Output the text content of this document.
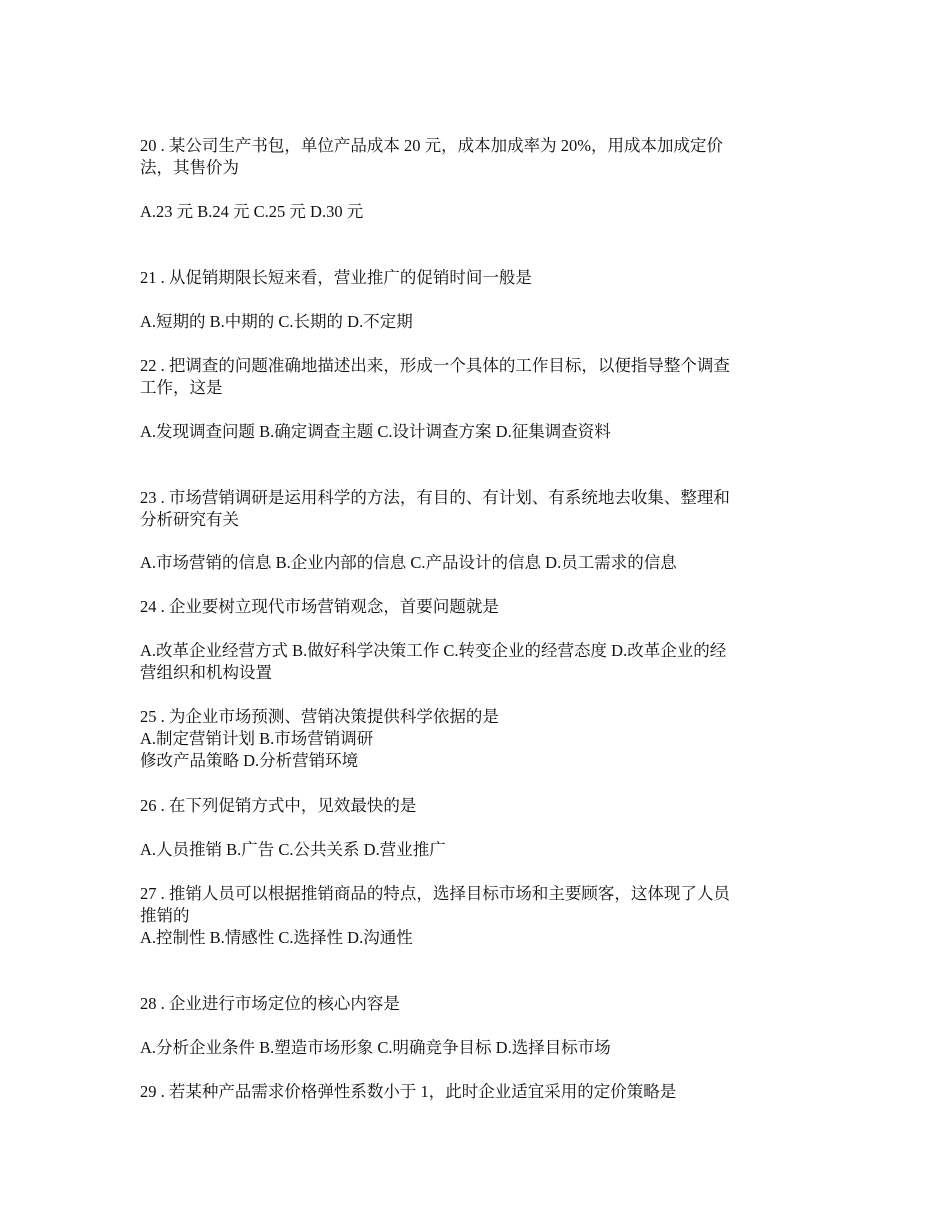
20 . 某公司生产书包，单位产品成本 20 元，成本加成率为 20%，用成本加成定价
法，其售价为
A.23 元 B.24 元 C.25 元 D.30 元
21 . 从促销期限长短来看，营业推广的促销时间一般是
A.短期的 B.中期的 C.长期的 D.不定期
22 . 把调查的问题准确地描述出来，形成一个具体的工作目标，以便指导整个调查
工作，这是
A.发现调查问题 B.确定调查主题 C.设计调查方案 D.征集调查资料
23 . 市场营销调研是运用科学的方法，有目的、有计划、有系统地去收集、整理和
分析研究有关
A.市场营销的信息 B.企业内部的信息 C.产品设计的信息 D.员工需求的信息
24 . 企业要树立现代市场营销观念，首要问题就是
A.改革企业经营方式 B.做好科学决策工作 C.转变企业的经营态度 D.改革企业的经
营组织和机构设置
25 . 为企业市场预测、营销决策提供科学依据的是
A.制定营销计划 B.市场营销调研
修改产品策略 D.分析营销环境
26 . 在下列促销方式中，见效最快的是
A.人员推销 B.广告 C.公共关系 D.营业推广
27 . 推销人员可以根据推销商品的特点，选择目标市场和主要顾客，这体现了人员
推销的
A.控制性 B.情感性 C.选择性 D.沟通性
28 . 企业进行市场定位的核心内容是
A.分析企业条件 B.塑造市场形象 C.明确竞争目标 D.选择目标市场
29 . 若某种产品需求价格弹性系数小于 1，此时企业适宜采用的定价策略是
